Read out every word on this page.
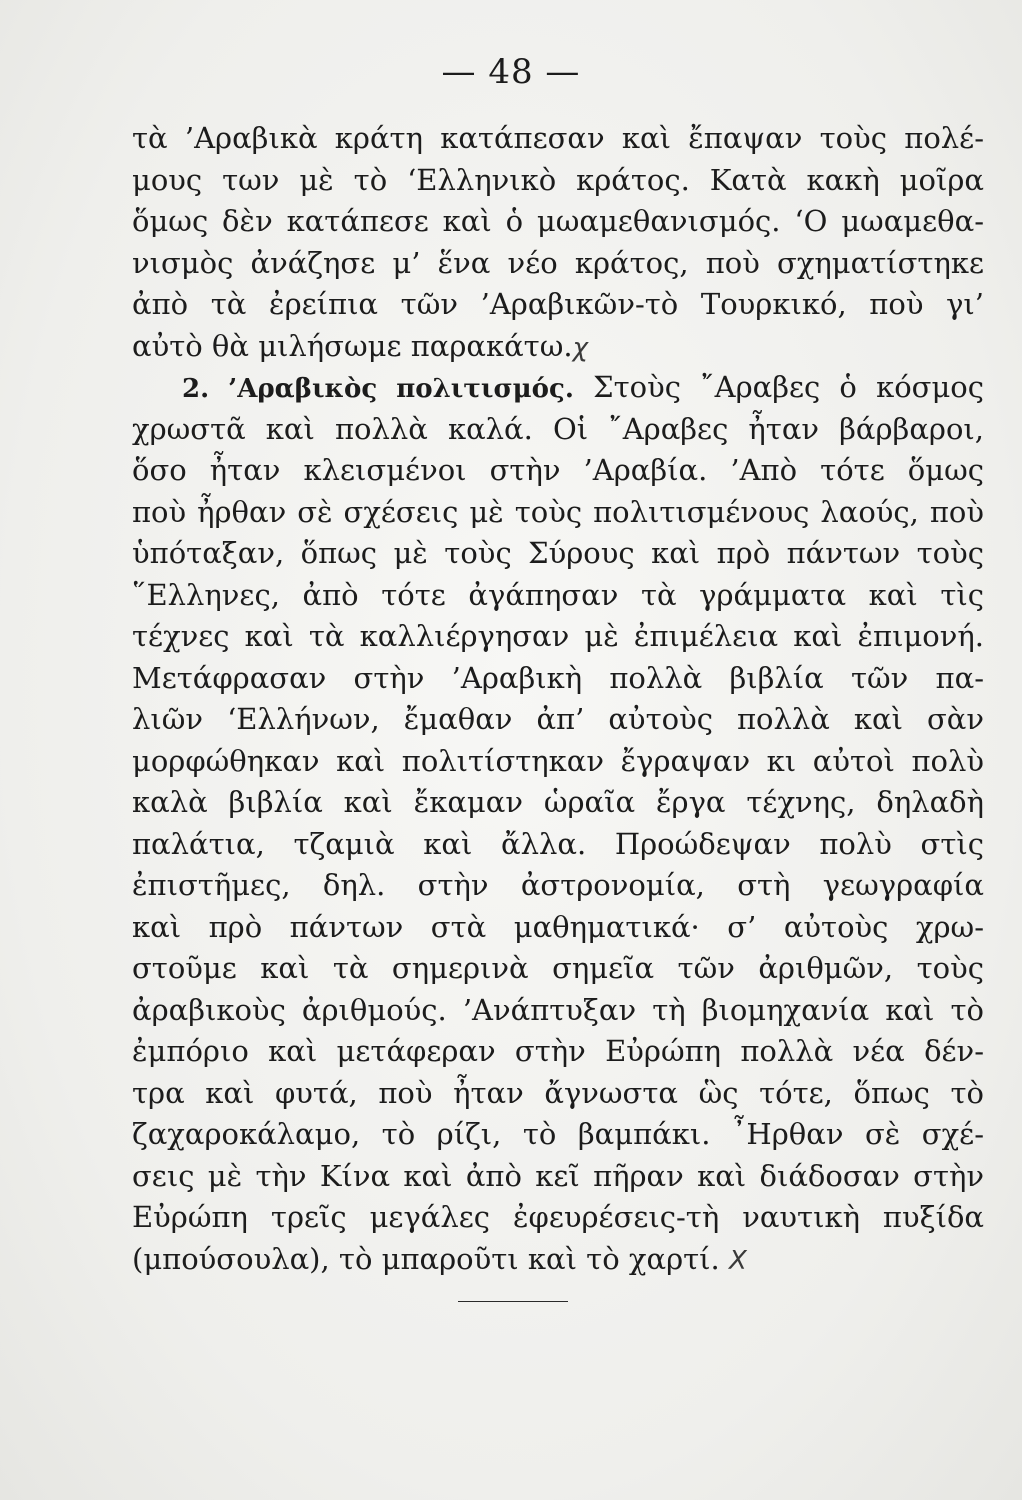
— 48 —
τὰ ’Αραβικὰ κράτη κατάπεσαν καὶ ἔπαψαν τοὺς πολέ-
μους των μὲ τὸ ‘Ελληνικὸ κράτος. Κατὰ κακὴ μοῖρα
ὅμως δὲν κατάπεσε καὶ ὁ μωαμεθανισμός. ‘Ο μωαμεθα-
νισμὸς ἀνάζησε μ’ ἕνα νέο κράτος, ποὺ σχηματίστηκε
ἀπὸ τὰ ἐρείπια τῶν ’Αραβικῶν-τὸ Τουρκικό, ποὺ γι’
αὐτὸ θὰ μιλήσωμε παρακάτω.χ
2. ’Αραβικὸς πολιτισμός. Στοὺς ῎Αραβες ὁ κόσμος
χρωστᾶ καὶ πολλὰ καλά. Οἱ ῎Αραβες ἦταν βάρβαροι,
ὅσο ἦταν κλεισμένοι στὴν ’Αραβία. ’Απὸ τότε ὅμως
ποὺ ἦρθαν σὲ σχέσεις μὲ τοὺς πολιτισμένους λαούς, ποὺ
ὑπόταξαν, ὅπως μὲ τοὺς Σύρους καὶ πρὸ πάντων τοὺς
῞Ελληνες, ἀπὸ τότε ἀγάπησαν τὰ γράμματα καὶ τὶς
τέχνες καὶ τὰ καλλιέργησαν μὲ ἐπιμέλεια καὶ ἐπιμονή.
Μετάφρασαν στὴν ’Αραβικὴ πολλὰ βιβλία τῶν πα-
λιῶν ‘Ελλήνων, ἔμαθαν ἀπ’ αὐτοὺς πολλὰ καὶ σὰν
μορφώθηκαν καὶ πολιτίστηκαν ἔγραψαν κι αὐτοὶ πολὺ
καλὰ βιβλία καὶ ἔκαμαν ὡραῖα ἔργα τέχνης, δηλαδὴ
παλάτια, τζαμιὰ καὶ ἄλλα. Προώδεψαν πολὺ στὶς
ἐπιστῆμες, δηλ. στὴν ἀστρονομία, στὴ γεωγραφία
καὶ πρὸ πάντων στὰ μαθηματικά· σ’ αὐτοὺς χρω-
στοῦμε καὶ τὰ σημερινὰ σημεῖα τῶν ἀριθμῶν, τοὺς
ἀραβικοὺς ἀριθμούς. ’Ανάπτυξαν τὴ βιομηχανία καὶ τὸ
ἐμπόριο καὶ μετάφεραν στὴν Εὐρώπη πολλὰ νέα δέν-
τρα καὶ φυτά, ποὺ ἦταν ἄγνωστα ὣς τότε, ὅπως τὸ
ζαχαροκάλαμο, τὸ ρίζι, τὸ βαμπάκι. ῏Ηρθαν σὲ σχέ-
σεις μὲ τὴν Κίνα καὶ ἀπὸ κεῖ πῆραν καὶ διάδοσαν στὴν
Εὐρώπη τρεῖς μεγάλες ἐφευρέσεις-τὴ ναυτικὴ πυξίδα
(μπούσουλα), τὸ μπαροῦτι καὶ τὸ χαρτί. Χ
